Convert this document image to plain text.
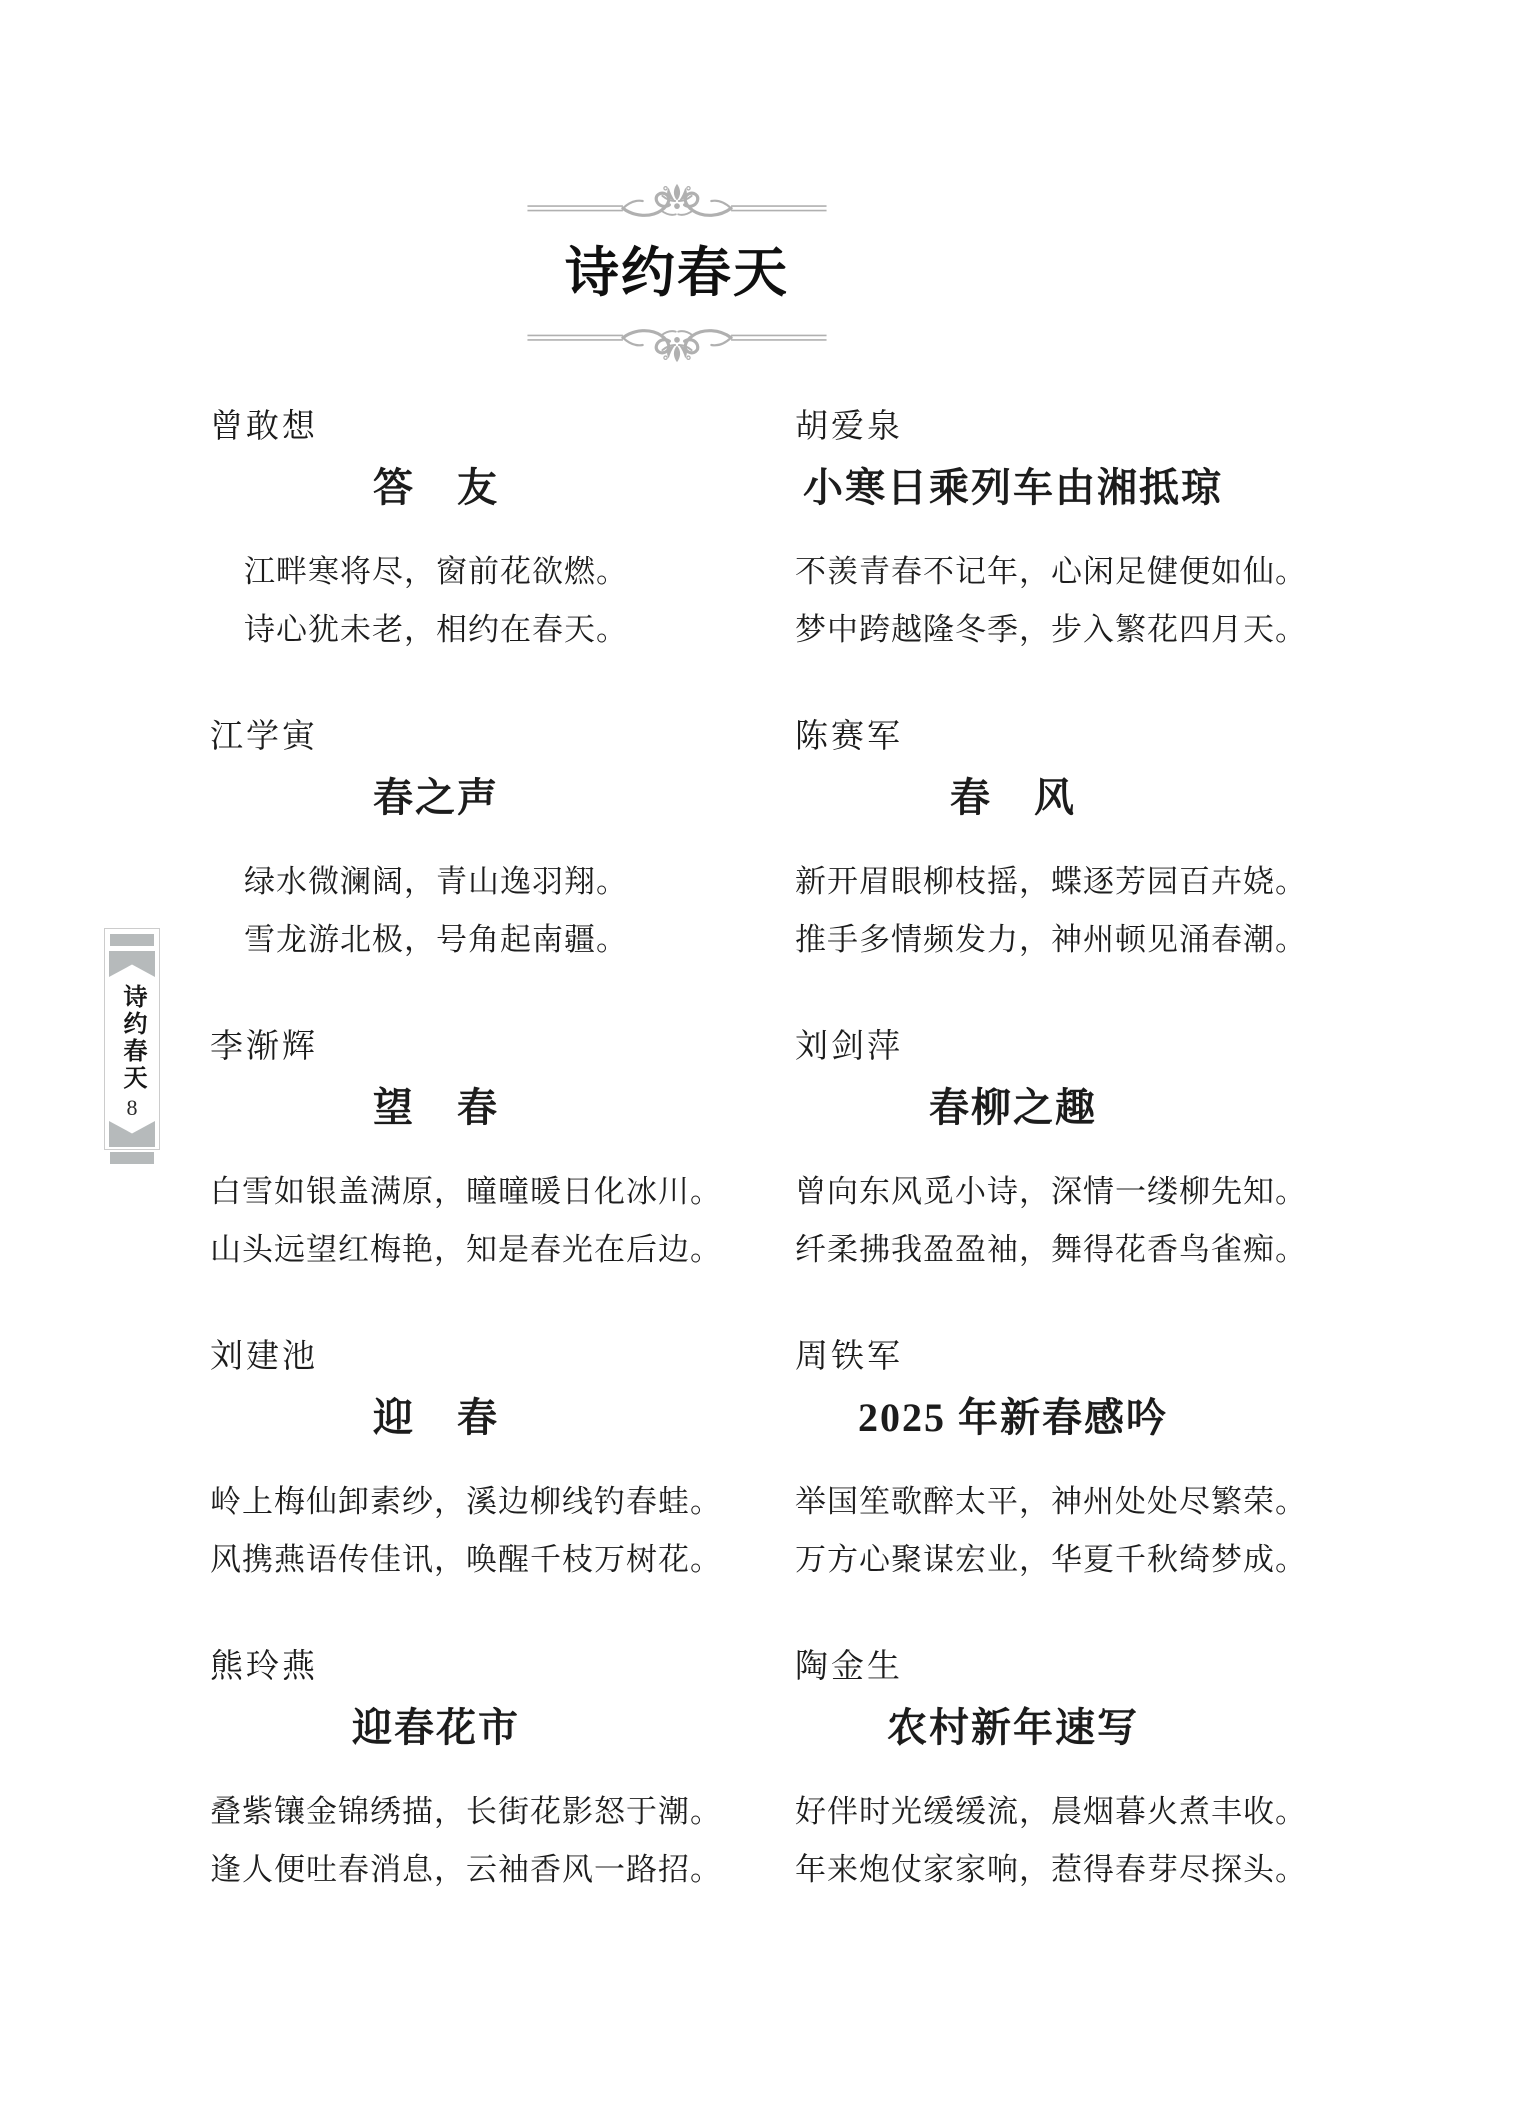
诗约春天
8
诗约春天
曾敢想
答　友

江畔寒将尽，窗前花欲燃。

诗心犹未老，相约在春天。

江学寅
春之声

绿水微澜阔，青山逸羽翔。

雪龙游北极，号角起南疆。

李渐辉
望　春

白雪如银盖满原，曈曈暖日化冰川。

山头远望红梅艳，知是春光在后边。

刘建池
迎　春

岭上梅仙卸素纱，溪边柳线钓春蛙。

风携燕语传佳讯，唤醒千枝万树花。

熊玲燕
迎春花市

叠紫镶金锦绣描，长街花影怒于潮。

逢人便吐春消息，云袖香风一路招。

胡爱泉
小寒日乘列车由湘抵琼

不羡青春不记年，心闲足健便如仙。

梦中跨越隆冬季，步入繁花四月天。

陈赛军
春　风

新开眉眼柳枝摇，蝶逐芳园百卉娆。

推手多情频发力，神州顿见涌春潮。

刘剑萍
春柳之趣

曾向东风觅小诗，深情一缕柳先知。

纤柔拂我盈盈袖，舞得花香鸟雀痴。

周铁军
2025 年新春感吟

举国笙歌醉太平，神州处处尽繁荣。

万方心聚谋宏业，华夏千秋绮梦成。

陶金生
农村新年速写

好伴时光缓缓流，晨烟暮火煮丰收。

年来炮仗家家响，惹得春芽尽探头。
